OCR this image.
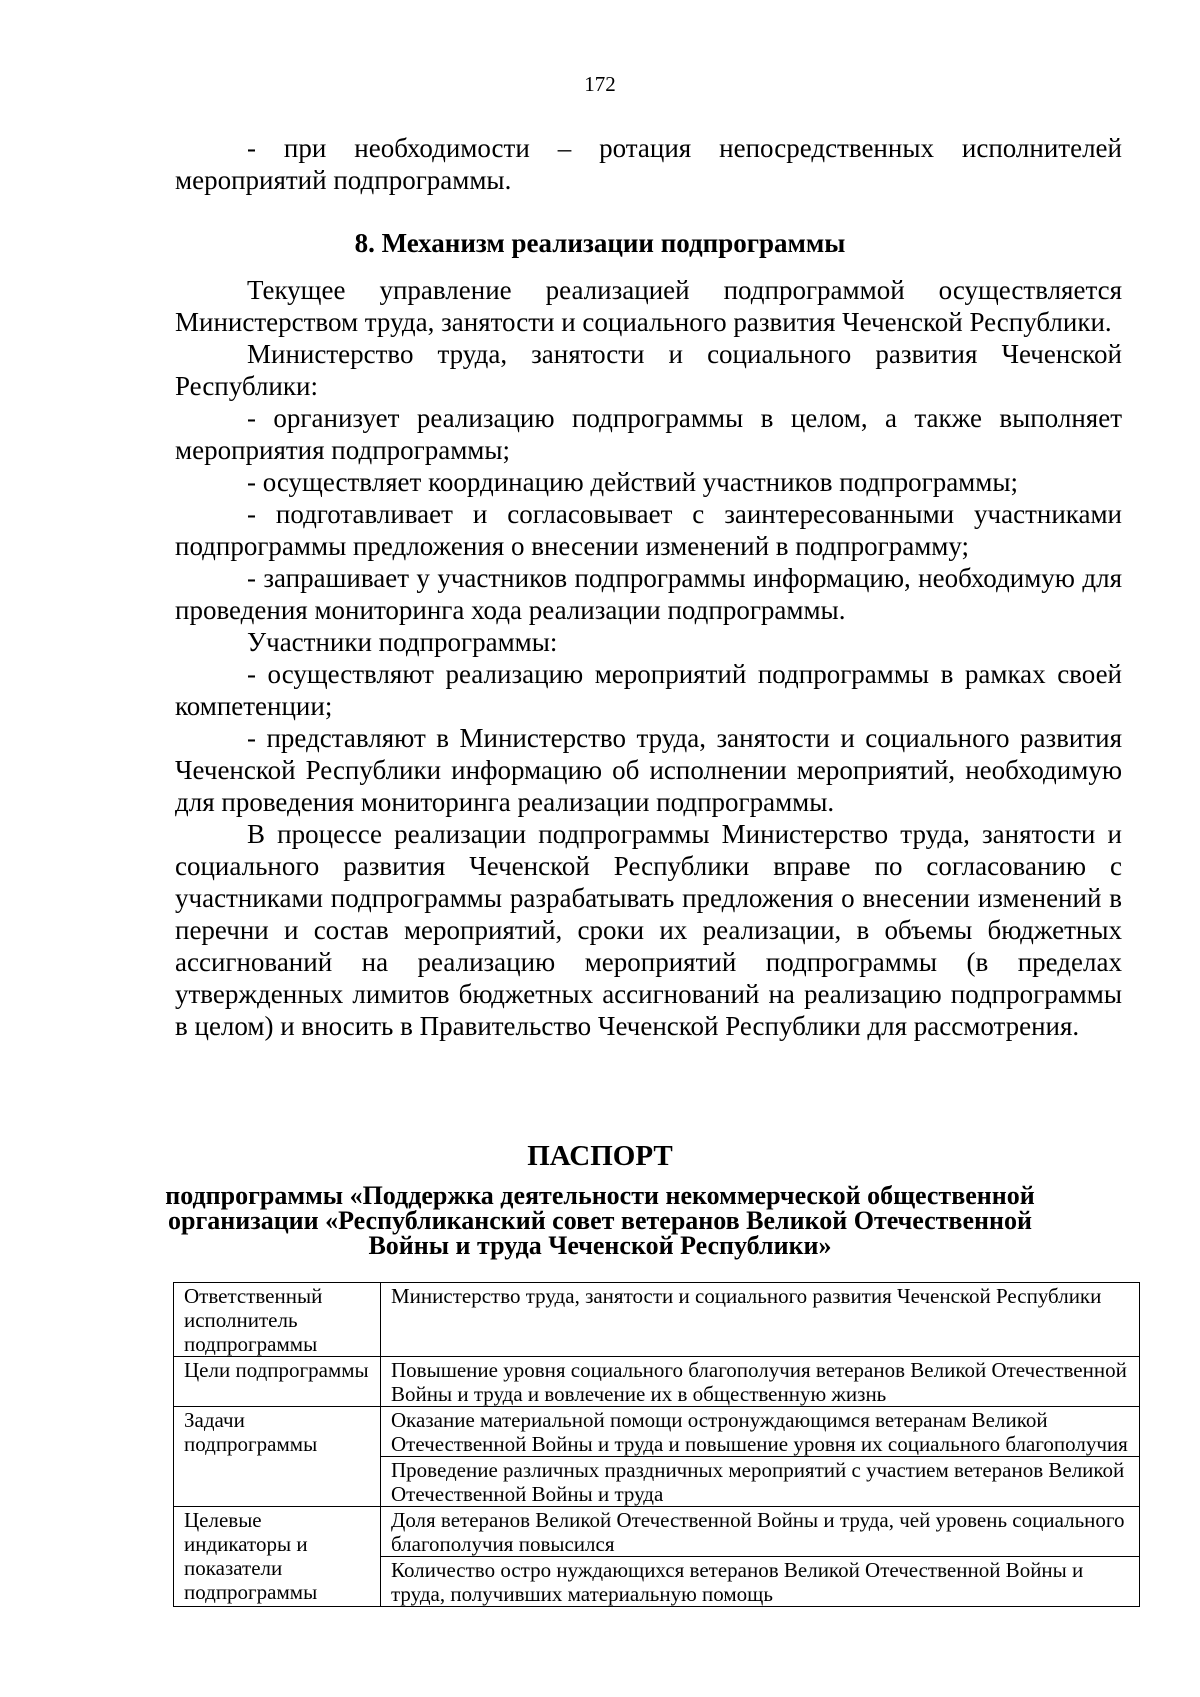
172

- при необходимости – ротация непосредственных исполнителей мероприятий подпрограммы.

8. Механизм реализации подпрограммы

Текущее управление реализацией подпрограммой осуществляется Министерством труда, занятости и социального развития Чеченской Республики.

Министерство труда, занятости и социального развития Чеченской Республики:

- организует реализацию подпрограммы в целом, а также выполняет мероприятия подпрограммы;

- осуществляет координацию действий участников подпрограммы;

- подготавливает и согласовывает с заинтересованными участниками подпрограммы предложения о внесении изменений в подпрограмму;

- запрашивает у участников подпрограммы информацию, необходимую для проведения мониторинга хода реализации подпрограммы.

Участники подпрограммы:

- осуществляют реализацию мероприятий подпрограммы в рамках своей компетенции;

- представляют в Министерство труда, занятости и социального развития Чеченской Республики информацию об исполнении мероприятий, необходимую для проведения мониторинга реализации подпрограммы.

В процессе реализации подпрограммы Министерство труда, занятости и социального развития Чеченской Республики вправе по согласованию с участниками подпрограммы разрабатывать предложения о внесении изменений в перечни и состав мероприятий, сроки их реализации, в объемы бюджетных ассигнований на реализацию мероприятий подпрограммы (в пределах утвержденных лимитов бюджетных ассигнований на реализацию подпрограммы в целом) и вносить в Правительство Чеченской Республики для рассмотрения.

ПАСПОРТ
подпрограммы «Поддержка деятельности некоммерческой общественной организации «Республиканский совет ветеранов Великой Отечественной Войны и труда Чеченской Республики»
Ответственный исполнитель подпрограммы	Министерство труда, занятости и социального развития Чеченской Республики
Цели подпрограммы	Повышение уровня социального благополучия ветеранов Великой Отечественной Войны и труда и вовлечение их в общественную жизнь
Задачи подпрограммы	Оказание материальной помощи остронуждающимся ветеранам Великой Отечественной Войны и труда и повышение уровня их социального благополучия
	Проведение различных праздничных мероприятий с участием ветеранов Великой Отечественной Войны и труда
Целевые индикаторы и показатели подпрограммы	Доля ветеранов Великой Отечественной Войны и труда, чей уровень социального благополучия повысился
	Количество остро нуждающихся ветеранов Великой Отечественной Войны и труда, получивших материальную помощь
